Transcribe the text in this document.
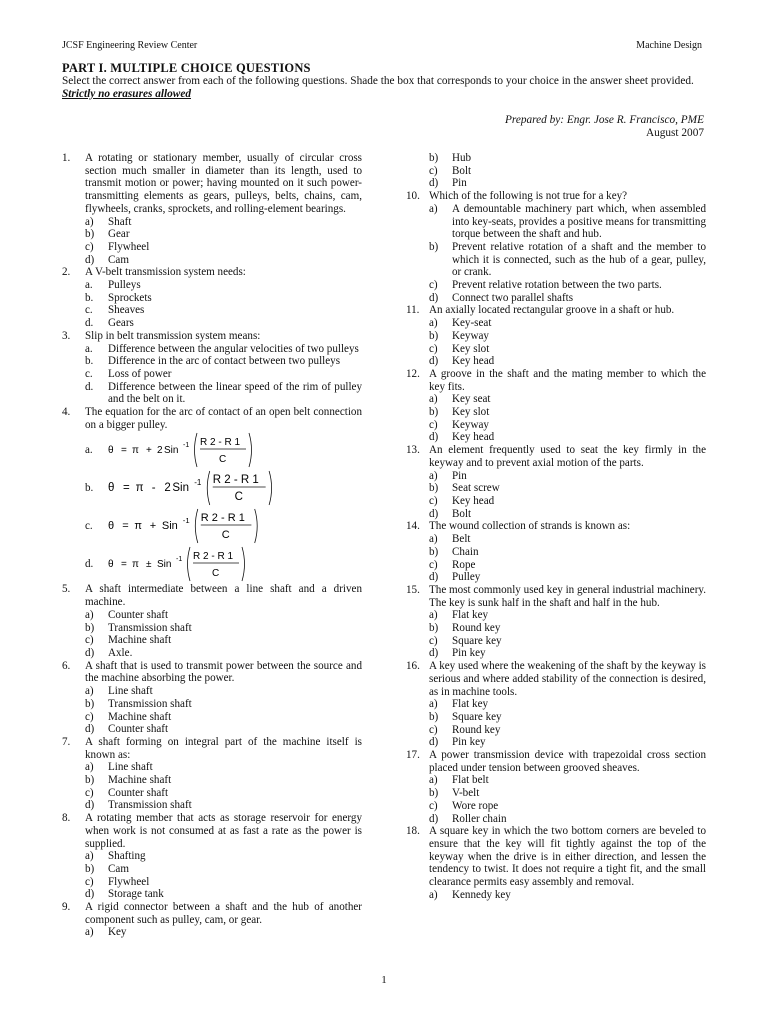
JCSF Engineering Review Center	Machine Design
PART I. MULTIPLE CHOICE QUESTIONS
Select the correct answer from each of the following questions. Shade the box that corresponds to your choice in the answer sheet provided. Strictly no erasures allowed
Prepared by: Engr. Jose R. Francisco, PME
August 2007
1. A rotating or stationary member, usually of circular cross section much smaller in diameter than its length, used to transmit motion or power; having mounted on it such power-transmitting elements as gears, pulleys, belts, chains, cam, flywheels, cranks, sprockets, and rolling-element bearings.
a) Shaft
b) Gear
c) Flywheel
d) Cam
2. A V-belt transmission system needs:
a. Pulleys
b. Sprockets
c. Sheaves
d. Gears
3. Slip in belt transmission system means:
a. Difference between the angular velocities of two pulleys
b. Difference in the arc of contact between two pulleys
c. Loss of power
d. Difference between the linear speed of the rim of pulley and the belt on it.
4. The equation for the arc of contact of an open belt connection on a bigger pulley.
a.	θ = π + 2 Sin -1 R 2 - R 1
C
b.	θ = π - 2 Sin -1 R 2 - R 1
C
c.	θ = π + Sin -1 R 2 - R 1
C
d.	θ = π ± Sin -1 R 2 - R 1
C
5. A shaft intermediate between a line shaft and a driven machine.
a) Counter shaft
b) Transmission shaft
c) Machine shaft
d) Axle.
6. A shaft that is used to transmit power between the source and the machine absorbing the power.
a) Line shaft
b) Transmission shaft
c) Machine shaft
d) Counter shaft
7. A shaft forming on integral part of the machine itself is known as:
a) Line shaft
b) Machine shaft
c) Counter shaft
d) Transmission shaft
8. A rotating member that acts as storage reservoir for energy when work is not consumed at as fast a rate as the power is supplied.
a) Shafting
b) Cam
c) Flywheel
d) Storage tank
9. A rigid connector between a shaft and the hub of another component such as pulley, cam, or gear.
a) Key
b) Hub
c) Bolt
d) Pin
10. Which of the following is not true for a key?
a) A demountable machinery part which, when assembled into key-seats, provides a positive means for transmitting torque between the shaft and hub.
b) Prevent relative rotation of a shaft and the member to which it is connected, such as the hub of a gear, pulley, or crank.
c) Prevent relative rotation between the two parts.
d) Connect two parallel shafts
11. An axially located rectangular groove in a shaft or hub.
a) Key-seat
b) Keyway
c) Key slot
d) Key head
12. A groove in the shaft and the mating member to which the key fits.
a) Key seat
b) Key slot
c) Keyway
d) Key head
13. An element frequently used to seat the key firmly in the keyway and to prevent axial motion of the parts.
a) Pin
b) Seat screw
c) Key head
d) Bolt
14. The wound collection of strands is known as:
a) Belt
b) Chain
c) Rope
d) Pulley
15. The most commonly used key in general industrial machinery. The key is sunk half in the shaft and half in the hub.
a) Flat key
b) Round key
c) Square key
d) Pin key
16. A key used where the weakening of the shaft by the keyway is serious and where added stability of the connection is desired, as in machine tools.
a) Flat key
b) Square key
c) Round key
d) Pin key
17. A power transmission device with trapezoidal cross section placed under tension between grooved sheaves.
a) Flat belt
b) V-belt
c) Wore rope
d) Roller chain
18. A square key in which the two bottom corners are beveled to ensure that the key will fit tightly against the top of the keyway when the drive is in either direction, and lessen the tendency to twist. It does not require a tight fit, and the small clearance permits easy assembly and removal.
a) Kennedy key
1
